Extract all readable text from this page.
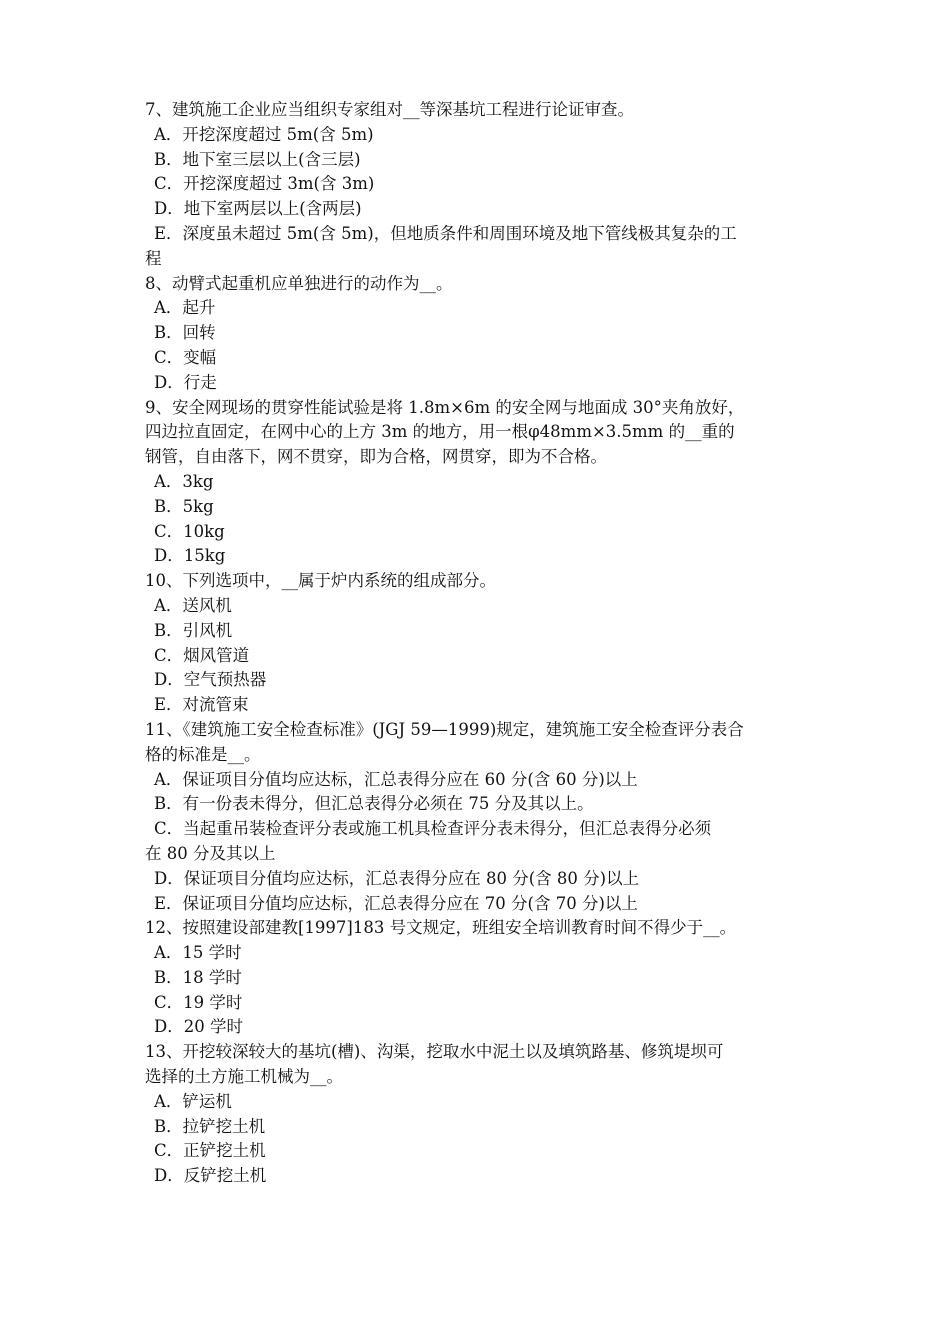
7、建筑施工企业应当组织专家组对__等深基坑工程进行论证审查。
A．开挖深度超过 5m(含 5m)
B．地下室三层以上(含三层)
C．开挖深度超过 3m(含 3m)
D．地下室两层以上(含两层)
E．深度虽未超过 5m(含 5m)，但地质条件和周围环境及地下管线极其复杂的工
程
8、动臂式起重机应单独进行的动作为__。
A．起升
B．回转
C．变幅
D．行走
9、安全网现场的贯穿性能试验是将 1.8m×6m 的安全网与地面成 30°夹角放好，
四边拉直固定，在网中心的上方 3m 的地方，用一根φ48mm×3.5mm 的__重的
钢管，自由落下，网不贯穿，即为合格，网贯穿，即为不合格。
A．3kg
B．5kg
C．10kg
D．15kg
10、下列选项中，__属于炉内系统的组成部分。
A．送风机
B．引风机
C．烟风管道
D．空气预热器
E．对流管束
11、《建筑施工安全检查标准》(JGJ 59—1999)规定，建筑施工安全检查评分表合
格的标准是__。
A．保证项目分值均应达标，汇总表得分应在 60 分(含 60 分)以上
B．有一份表未得分，但汇总表得分必须在 75 分及其以上。
C．当起重吊装检查评分表或施工机具检查评分表未得分，但汇总表得分必须
在 80 分及其以上
D．保证项目分值均应达标，汇总表得分应在 80 分(含 80 分)以上
E．保证项目分值均应达标，汇总表得分应在 70 分(含 70 分)以上
12、按照建设部建教[1997]183 号文规定，班组安全培训教育时间不得少于__。
A．15 学时
B．18 学时
C．19 学时
D．20 学时
13、开挖较深较大的基坑(槽)、沟渠，挖取水中泥土以及填筑路基、修筑堤坝可
选择的土方施工机械为__。
A．铲运机
B．拉铲挖土机
C．正铲挖土机
D．反铲挖土机
